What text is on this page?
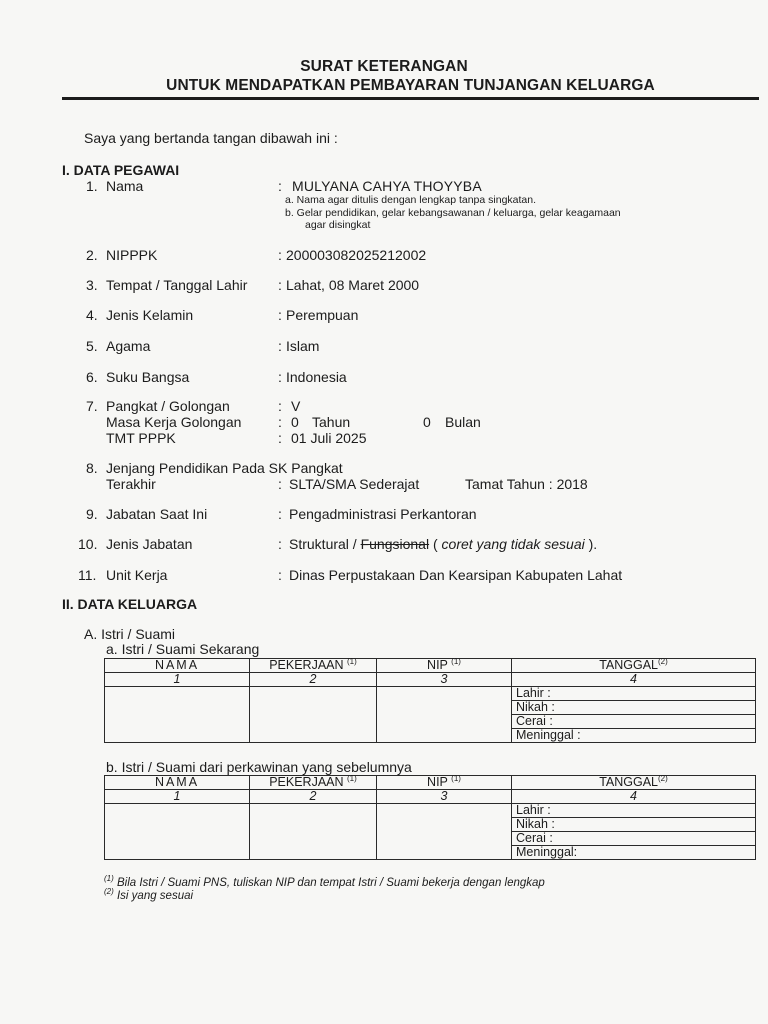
SURAT KETERANGAN
UNTUK MENDAPATKAN PEMBAYARAN TUNJANGAN KELUARGA
Saya yang bertanda tangan dibawah ini :
I. DATA PEGAWAI
1. Nama	: MULYANA CAHYA THOYYBA
a. Nama agar ditulis dengan lengkap tanpa singkatan.
b. Gelar pendidikan, gelar kebangsawanan / keluarga, gelar keagamaan
agar disingkat
2. NIPPPK	: 200003082025212002
3. Tempat / Tanggal Lahir : Lahat, 08 Maret 2000
4. Jenis Kelamin	: Perempuan
5. Agama	: Islam
6. Suku Bangsa	: Indonesia
7. Pangkat / Golongan	: V
Masa Kerja Golongan	: 0 Tahun	0 Bulan
TMT PPPK	: 01 Juli 2025
8. Jenjang Pendidikan Pada SK Pangkat
Terakhir	: SLTA/SMA Sederajat	Tamat Tahun : 2018
9. Jabatan Saat Ini	: Pengadministrasi Perkantoran
10. Jenis Jabatan	: Struktural / Fungsional ( coret yang tidak sesuai ).
11. Unit Kerja	: Dinas Perpustakaan Dan Kearsipan Kabupaten Lahat
II. DATA KELUARGA
A. Istri / Suami
a. Istri / Suami Sekarang
NAMA	PEKERJAAN $^{(1)}$	NIP $^{(1)}$	TANGGAL$^{(2)}$
1	2	3	4
			Lahir :
			Nikah :
			Cerai :
			Meninggal :
b. Istri / Suami dari perkawinan yang sebelumnya
NAMA	PEKERJAAN $^{(1)}$	NIP $^{(1)}$	TANGGAL$^{(2)}$
1	2	3	4
			Lahir :
			Nikah :
			Cerai :
			Meninggal:
$^{(1)}$ Bila Istri / Suami PNS, tuliskan NIP dan tempat Istri / Suami bekerja dengan lengkap
$^{(2)}$ Isi yang sesuai
